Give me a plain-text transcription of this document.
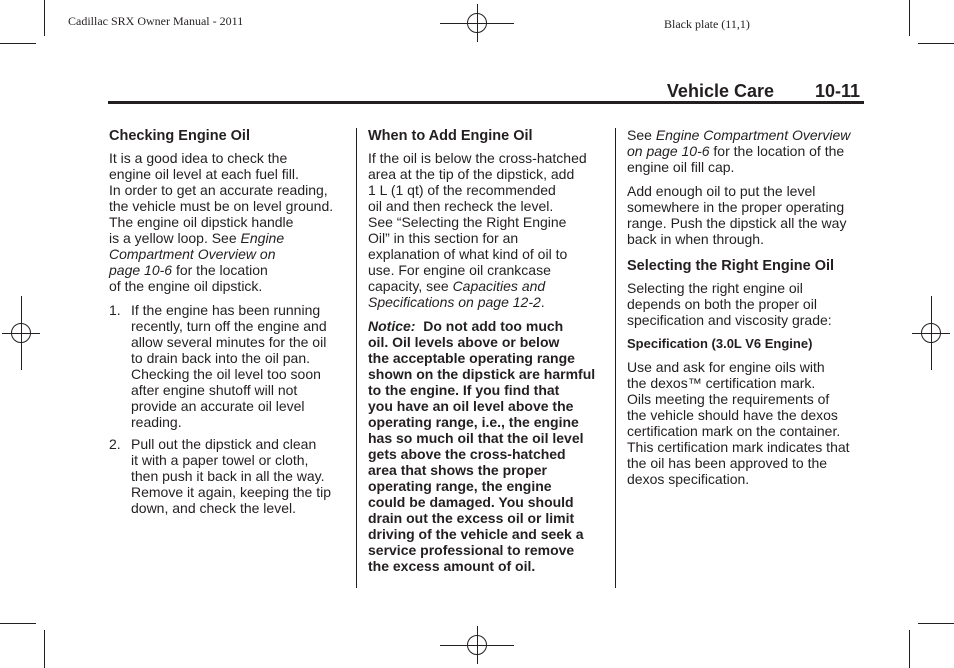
Cadillac SRX Owner Manual - 2011	Black plate (11,1)
Vehicle Care 10-11
Checking Engine Oil

It is a good idea to check the
engine oil level at each fuel fill.
In order to get an accurate reading,
the vehicle must be on level ground.
The engine oil dipstick handle
is a yellow loop. See Engine
Compartment Overview on
page 10-6 for the location
of the engine oil dipstick.

1. If the engine has been running
recently, turn off the engine and
allow several minutes for the oil
to drain back into the oil pan.
Checking the oil level too soon
after engine shutoff will not
provide an accurate oil level
reading.
2. Pull out the dipstick and clean
it with a paper towel or cloth,
then push it back in all the way.
Remove it again, keeping the tip
down, and check the level.
When to Add Engine Oil

If the oil is below the cross-hatched
area at the tip of the dipstick, add
1 L (1 qt) of the recommended
oil and then recheck the level.
See “Selecting the Right Engine
Oil” in this section for an
explanation of what kind of oil to
use. For engine oil crankcase
capacity, see Capacities and
Specifications on page 12-2.

Notice: Do not add too much
oil. Oil levels above or below
the acceptable operating range
shown on the dipstick are harmful
to the engine. If you find that
you have an oil level above the
operating range, i.e., the engine
has so much oil that the oil level
gets above the cross-hatched
area that shows the proper
operating range, the engine
could be damaged. You should
drain out the excess oil or limit
driving of the vehicle and seek a
service professional to remove
the excess amount of oil.

See Engine Compartment Overview
on page 10-6 for the location of the
engine oil fill cap.

Add enough oil to put the level
somewhere in the proper operating
range. Push the dipstick all the way
back in when through.

Selecting the Right Engine Oil

Selecting the right engine oil
depends on both the proper oil
specification and viscosity grade:

Specification (3.0L V6 Engine)

Use and ask for engine oils with
the dexos™ certification mark.
Oils meeting the requirements of
the vehicle should have the dexos
certification mark on the container.
This certification mark indicates that
the oil has been approved to the
dexos specification.
